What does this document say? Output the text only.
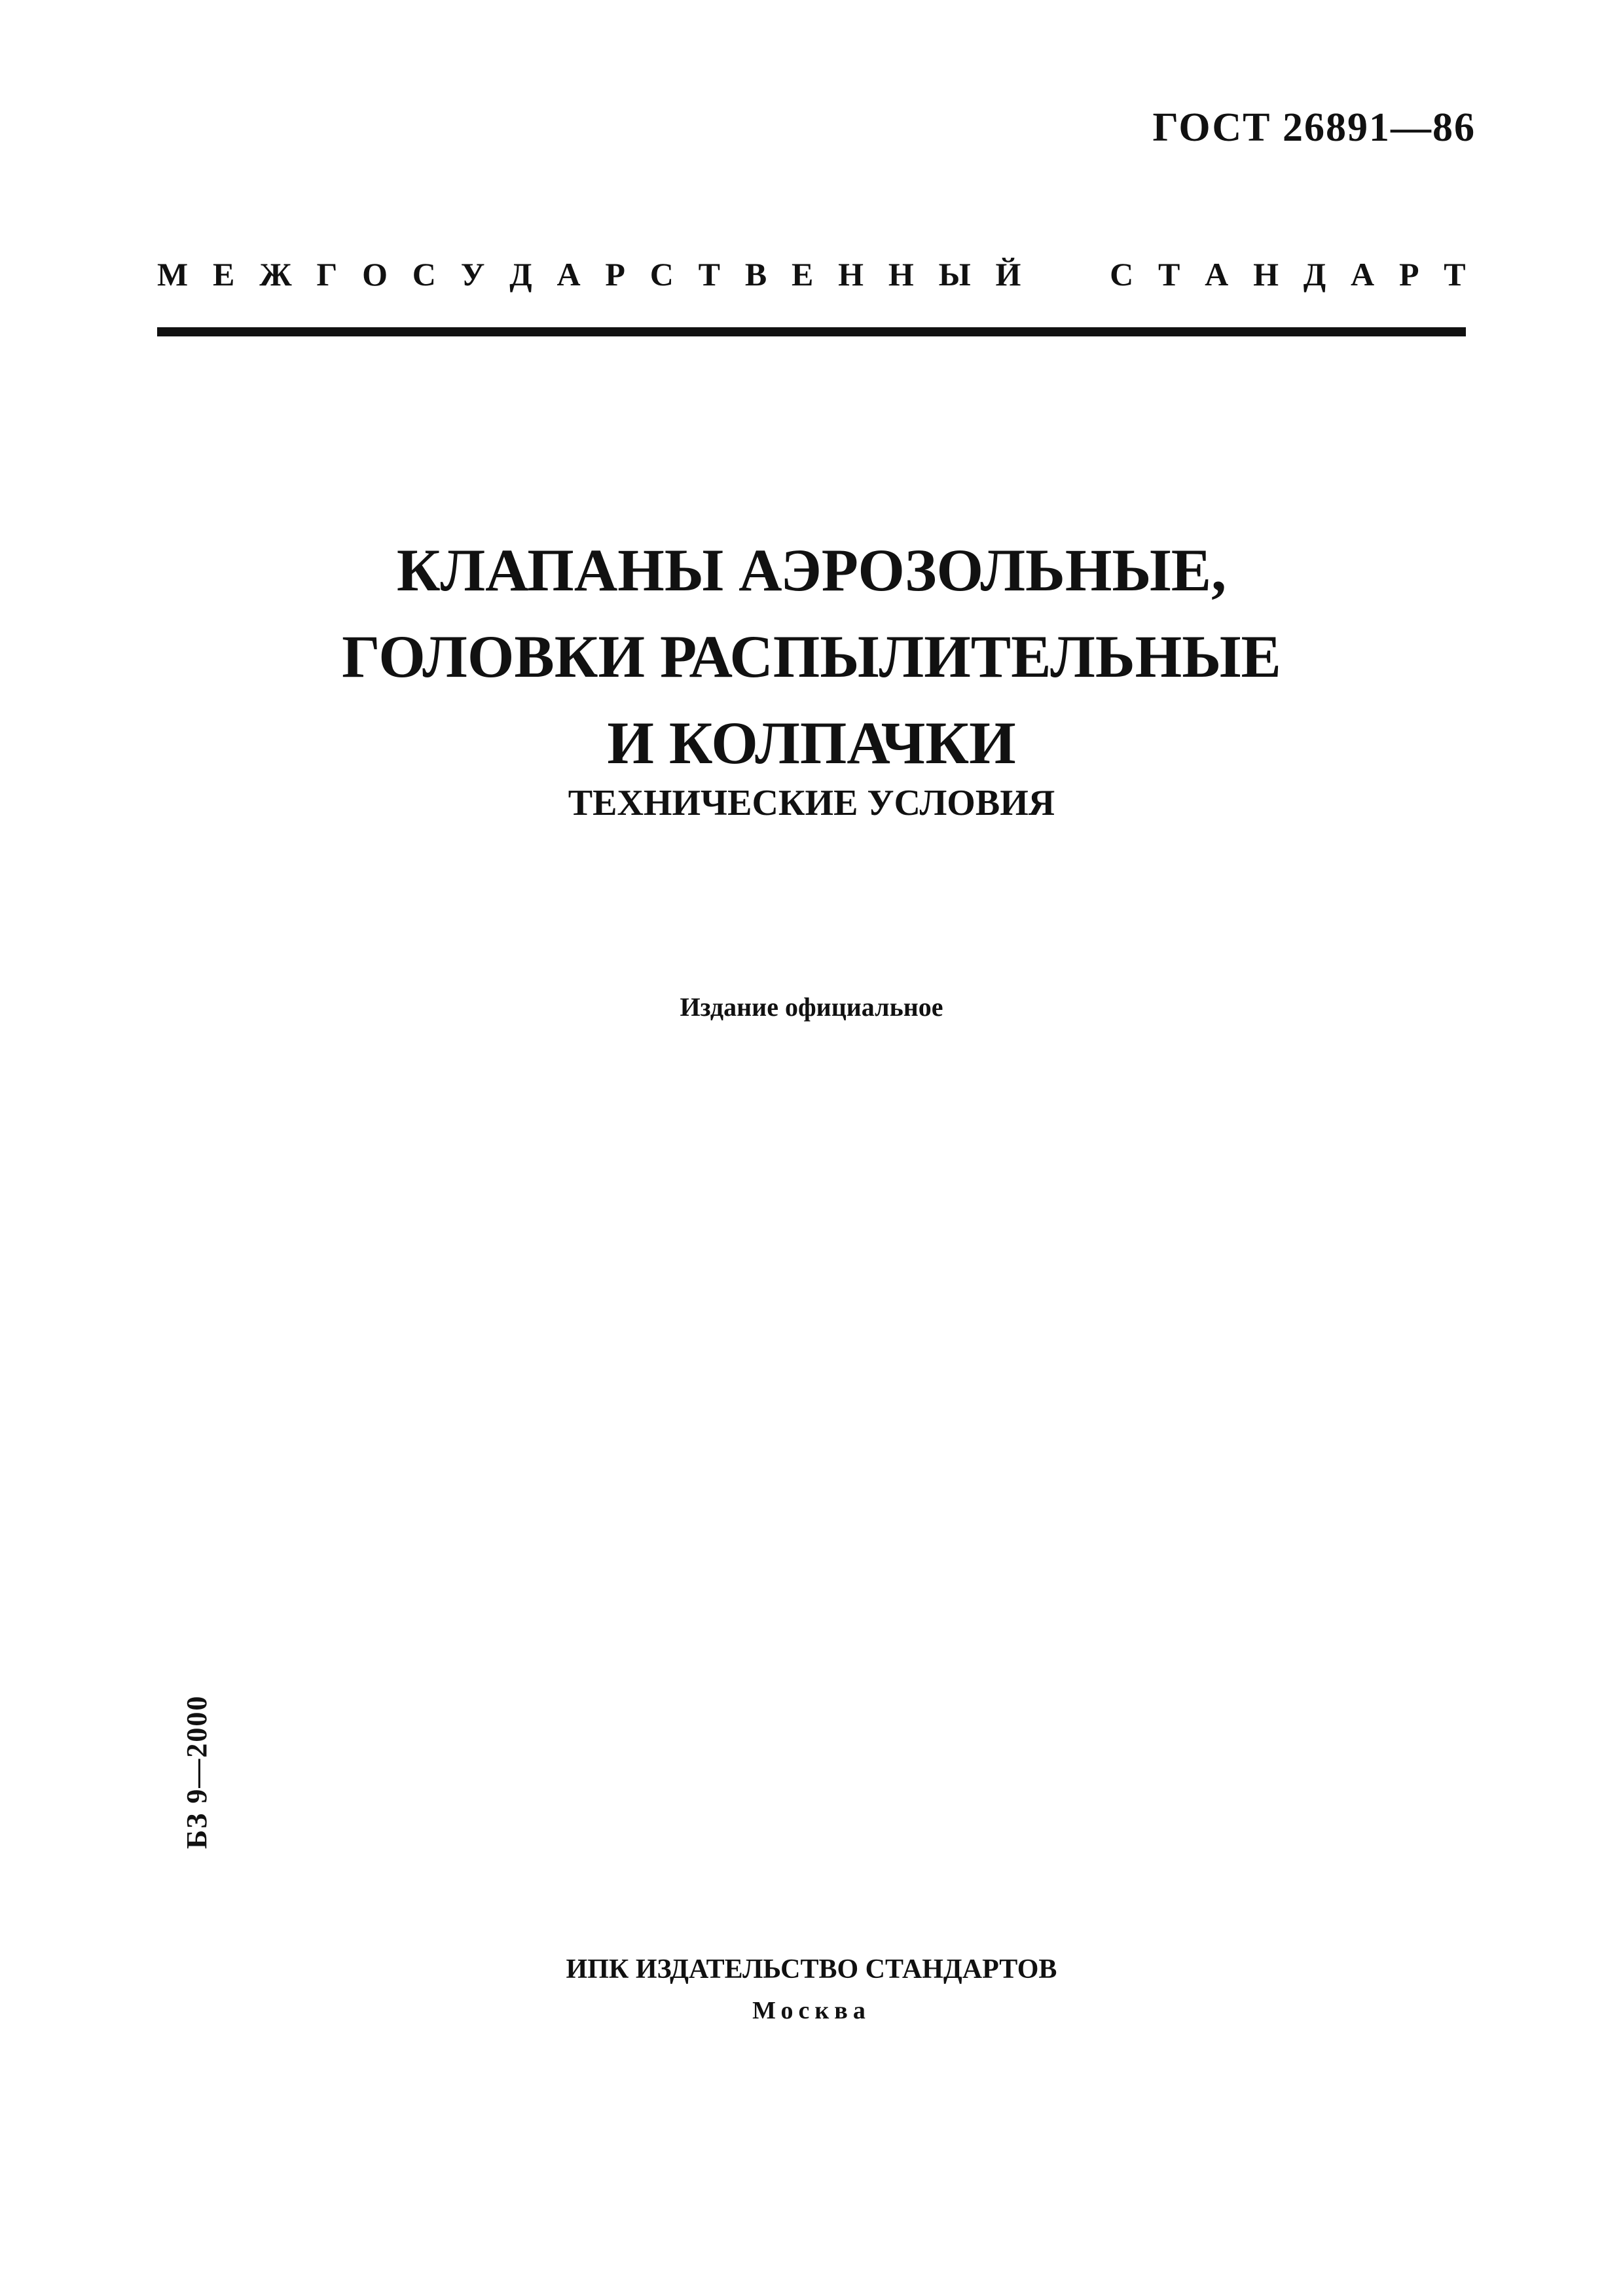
ГОСТ 26891—86
М Е Ж Г О С У Д А Р С Т В Е Н Н Ы Й	С Т А Н Д А Р Т
КЛАПАНЫ АЭРОЗОЛЬНЫЕ,
ГОЛОВКИ РАСПЫЛИТЕЛЬНЫЕ
И КОЛПАЧКИ
ТЕХНИЧЕСКИЕ УСЛОВИЯ
Издание официальное
БЗ 9—2000
ИПК ИЗДАТЕЛЬСТВО СТАНДАРТОВ
Москва
